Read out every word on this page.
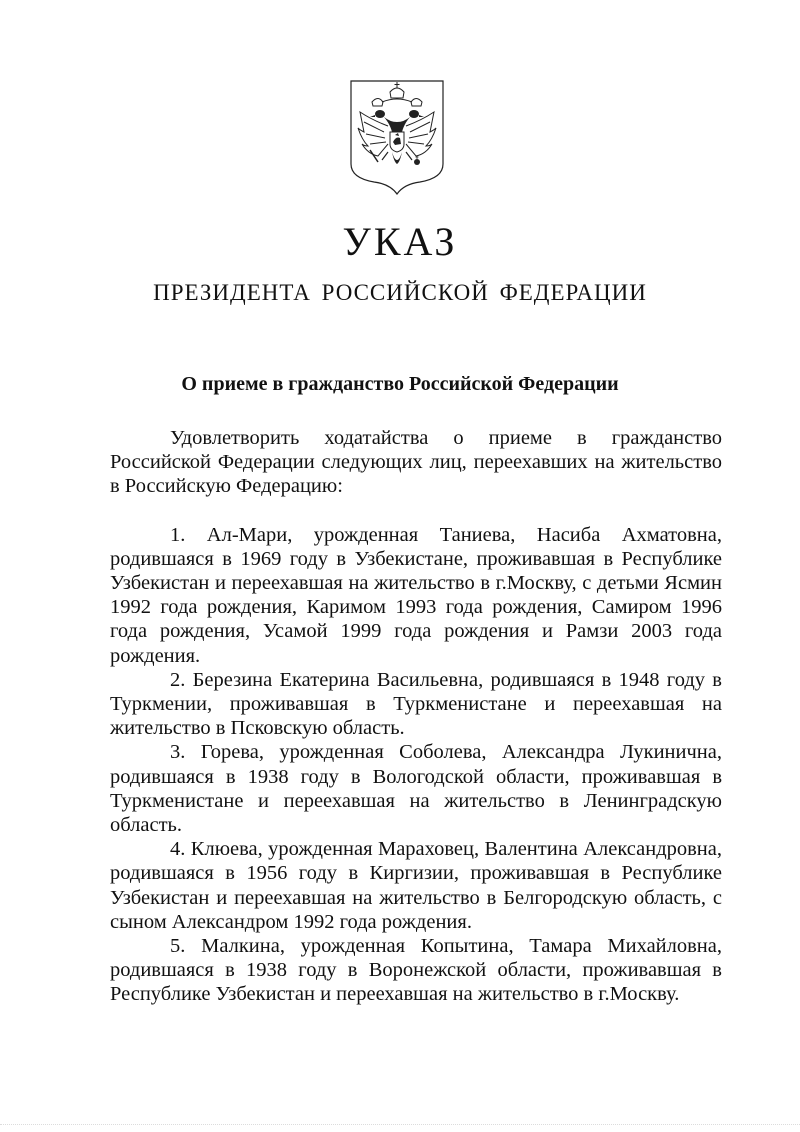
УКАЗ
ПРЕЗИДЕНТА РОССИЙСКОЙ ФЕДЕРАЦИИ
О приеме в гражданство Российской Федерации

Удовлетворить ходатайства о приеме в гражданство Российской Федерации следующих лиц, переехавших на жительство в Российскую Федерацию:

1. Ал-Мари, урожденная Таниева, Насиба Ахматовна, родившаяся в 1969 году в Узбекистане, проживавшая в Республике Узбекистан и переехавшая на жительство в г.Москву, с детьми Ясмин 1992 года рождения, Каримом 1993 года рождения, Самиром 1996 года рождения, Усамой 1999 года рождения и Рамзи 2003 года рождения.

2. Березина Екатерина Васильевна, родившаяся в 1948 году в Туркмении, проживавшая в Туркменистане и переехавшая на жительство в Псковскую область.

3. Горева, урожденная Соболева, Александра Лукинична, родившаяся в 1938 году в Вологодской области, проживавшая в Туркменистане и переехавшая на жительство в Ленинградскую область.

4. Клюева, урожденная Мараховец, Валентина Александровна, родившаяся в 1956 году в Киргизии, проживавшая в Республике Узбекистан и переехавшая на жительство в Белгородскую область, с сыном Александром 1992 года рождения.

5. Малкина, урожденная Копытина, Тамара Михайловна, родившаяся в 1938 году в Воронежской области, проживавшая в Республике Узбекистан и переехавшая на жительство в г.Москву.
